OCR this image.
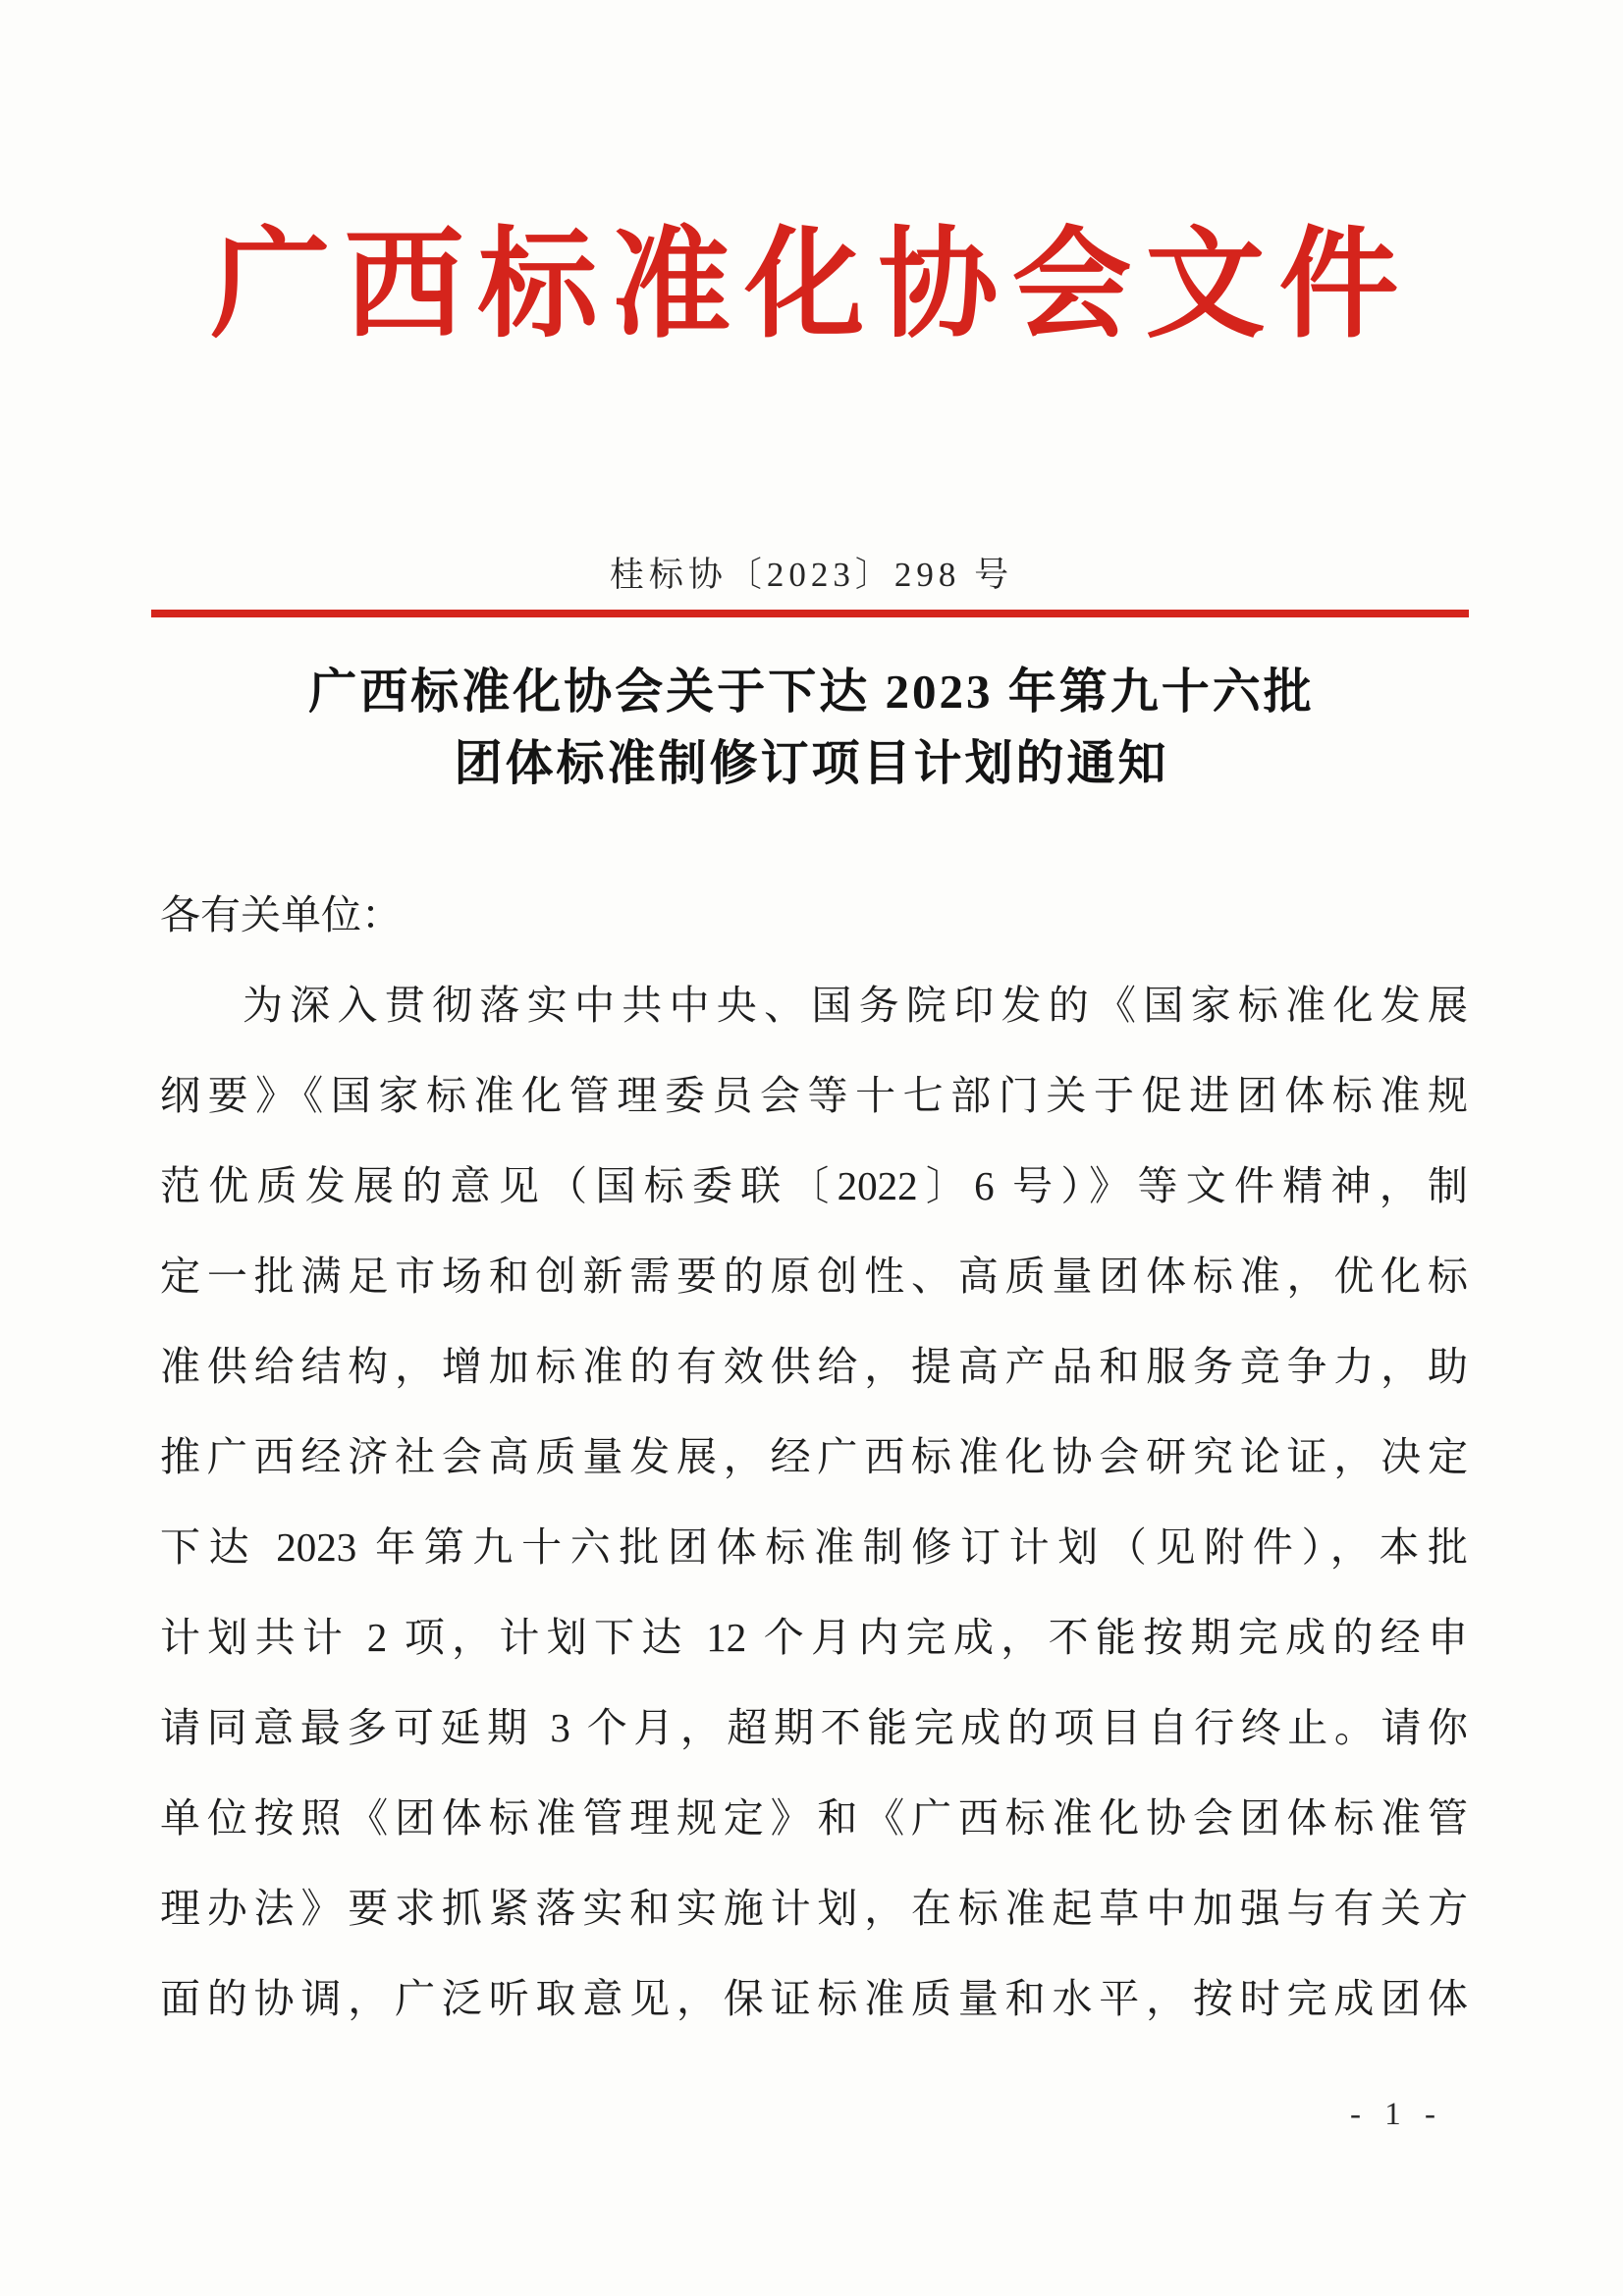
广西标准化协会文件
桂标协〔2023〕298 号
广西标准化协会关于下达 2023 年第九十六批
团体标准制修订项目计划的通知
各有关单位：
为深入贯彻落实中共中央、国务院印发的《国家标准化发展
纲要》《国家标准化管理委员会等十七部门关于促进团体标准规
范优质发展的意见（国标委联〔2022〕6 号）》等文件精神，制
定一批满足市场和创新需要的原创性、高质量团体标准，优化标
准供给结构，增加标准的有效供给，提高产品和服务竞争力，助
推广西经济社会高质量发展，经广西标准化协会研究论证，决定
下达 2023 年第九十六批团体标准制修订计划（见附件），本批
计划共计 2 项，计划下达 12 个月内完成，不能按期完成的经申
请同意最多可延期 3 个月，超期不能完成的项目自行终止。请你
单位按照《团体标准管理规定》和《广西标准化协会团体标准管
理办法》要求抓紧落实和实施计划，在标准起草中加强与有关方
面的协调，广泛听取意见，保证标准质量和水平，按时完成团体
- 1 -
